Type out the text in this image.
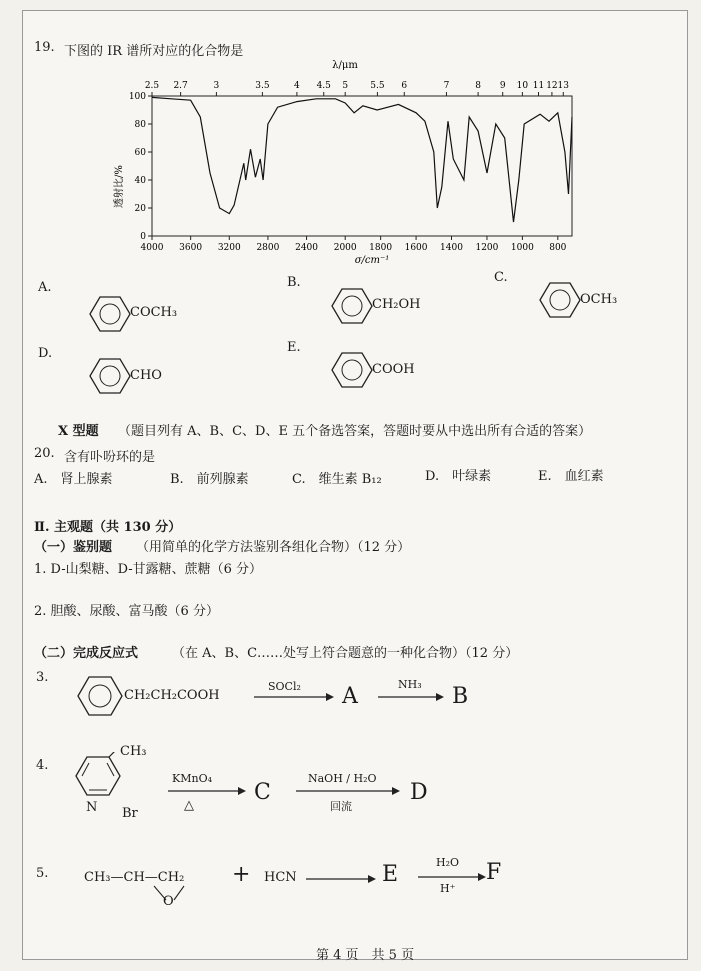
19. 下图的 IR 谱所对应的化合物是
λ/μm
2.5 2.7	3	3.5	4 4.5 5 5.5 6	7	8 9 10 11 12 13
100
80
60
40
20
0
4000 3600 3200 2800 2400 2000 1800 1600 1400 1200 1000 800
σ/cm⁻¹
透射比/%
A.	B.	C.
D.	E.
COCH₃
CH₂OH	OCH₃
CHO	COOH
X 型题 （题目列有 A、B、C、D、E 五个备选答案，答题时要从中选出所有合适的答案）
20. 含有卟吩环的是
A.　肾上腺素	B.　前列腺素	C.　维生素 B₁₂	D.　叶绿素	E.　血红素
Ⅱ. 主观题（共 130 分）
（一）鉴别题 （用简单的化学方法鉴别各组化合物）（12 分）
1. D-山梨糖、D-甘露糖、蔗糖（6 分）
2. 胆酸、尿酸、富马酸（6 分）
（二）完成反应式	（在 A、B、C……处写上符合题意的一种化合物）（12 分）
3.
CH₂CH₂COOH
SOCl₂ A	NH₃ B
4.
CH₃
N Br
KMnO₄
△
C
NaOH / H₂O
回流
D
5.	CH₃—CH—CH₂
O
+ HCN	E	H₂O
H⁺
F
第 4 页　共 5 页
